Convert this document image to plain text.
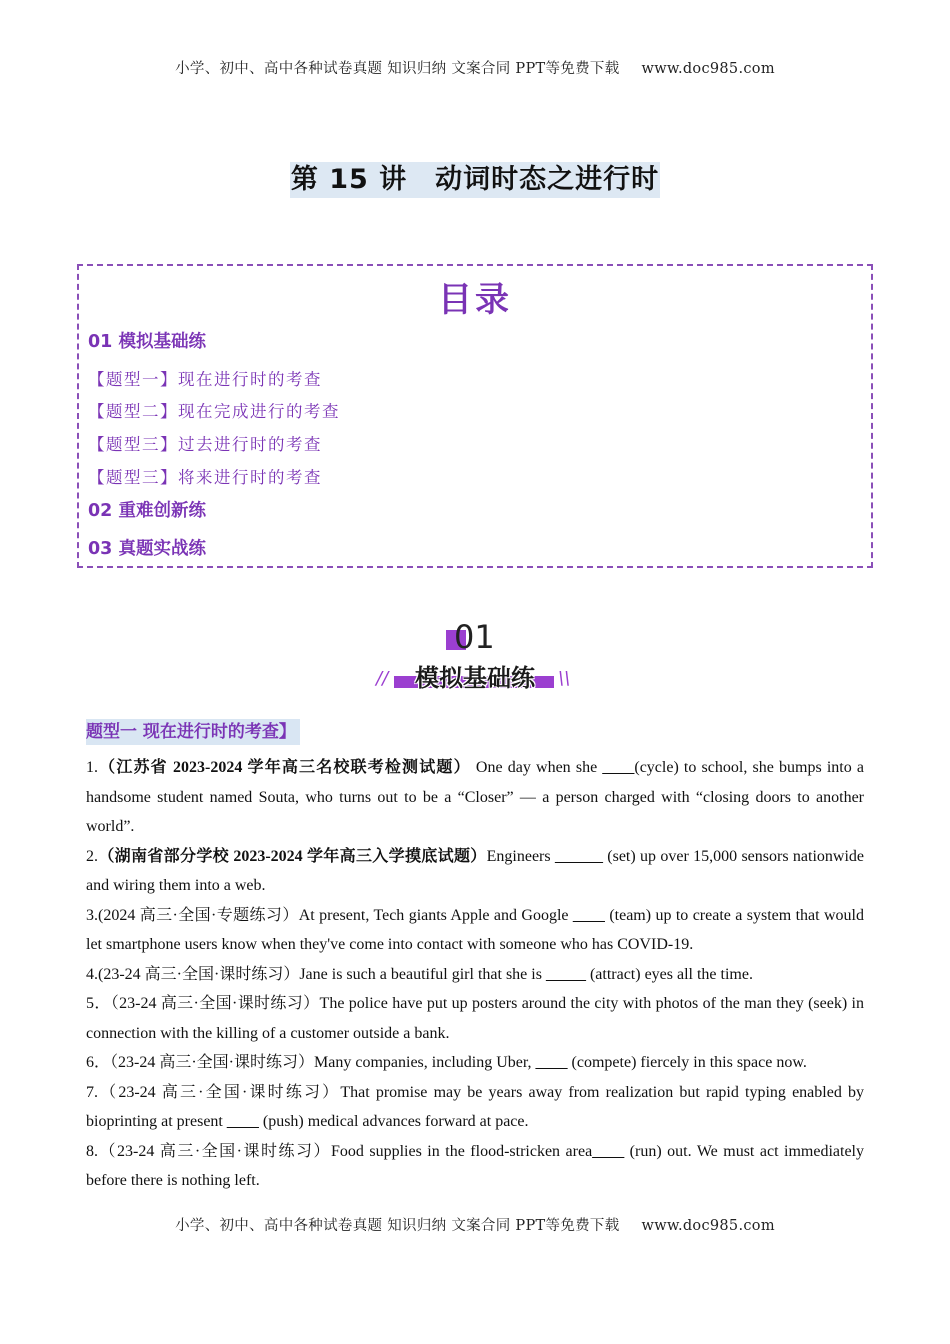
小学、初中、高中各种试卷真题 知识归纳 文案合同 PPT等免费下载 www.doc985.com
第 15 讲　动词时态之进行时
目录
01 模拟基础练
【题型一】现在进行时的考查
【题型二】现在完成进行的考查
【题型三】过去进行时的考查
【题型三】将来进行时的考查
02 重难创新练
03 真题实战练
01
//	模拟基础练	\\
题型一 现在进行时的考查】

1.（江苏省 2023-2024 学年高三名校联考检测试题） One day when she ____(cycle) to school, she bumps into a handsome student named Souta, who turns out to be a “Closer” — a person charged with “closing doors to another world”.

2.（湖南省部分学校 2023-2024 学年高三入学摸底试题）Engineers ______ (set) up over 15,000 sensors nationwide and wiring them into a web.

3.(2024 高三·全国·专题练习）At present, Tech giants Apple and Google ____ (team) up to create a system that would let smartphone users know when they've come into contact with someone who has COVID-19.

4.(23-24 高三·全国·课时练习）Jane is such a beautiful girl that she is _____ (attract) eyes all the time.

5．（23-24 高三·全国·课时练习）The police have put up posters around the city with photos of the man they (seek) in connection with the killing of a customer outside a bank.

6．（23-24 高三·全国·课时练习）Many companies, including Uber, ____ (compete) fiercely in this space now.

7.（23-24 高三·全国·课时练习）That promise may be years away from realization but rapid typing enabled by bioprinting at present ____ (push) medical advances forward at pace.

8.（23-24 高三·全国·课时练习）Food supplies in the flood-stricken area____ (run) out. We must act immediately before there is nothing left.

小学、初中、高中各种试卷真题 知识归纳 文案合同 PPT等免费下载 www.doc985.com
